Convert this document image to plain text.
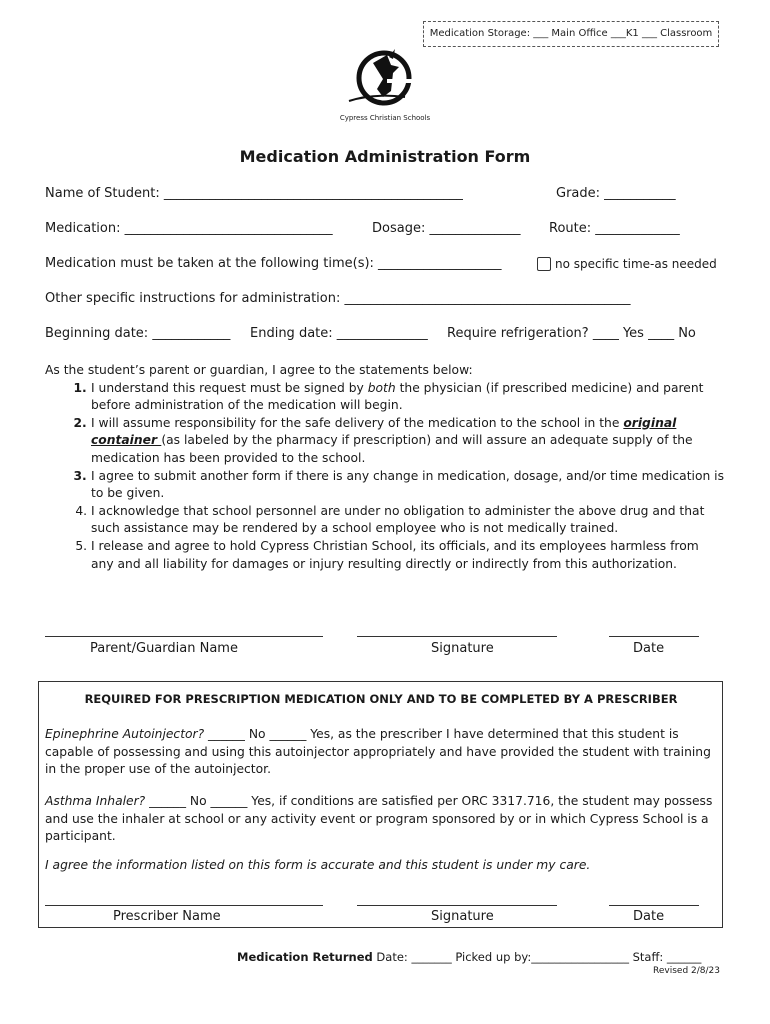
Medication Storage: ___ Main Office ___K1 ___ Classroom
Cypress Christian Schools
Medication Administration Form
Name of Student: ______________________________________________	Grade: ___________
Medication: ________________________________	Dosage: ______________ Route: _____________
Medication must be taken at the following time(s): ___________________	no specific time-as needed
Other specific instructions for administration: ____________________________________________
Beginning date: ____________ Ending date: ______________ Require refrigeration? ____ Yes ____ No
As the student’s parent or guardian, I agree to the statements below:
1. I understand this request must be signed by both the physician (if prescribed medicine) and parent before administration of the medication will begin.
2. I will assume responsibility for the safe delivery of the medication to the school in the original
container (as labeled by the pharmacy if prescription) and will assure an adequate supply of the medication has been provided to the school.
3. I agree to submit another form if there is any change in medication, dosage, and/or time medication is to be given.
4. I acknowledge that school personnel are under no obligation to administer the above drug and that such assistance may be rendered by a school employee who is not medically trained.
5. I release and agree to hold Cypress Christian School, its officials, and its employees harmless from any and all liability for damages or injury resulting directly or indirectly from this authorization.
Parent/Guardian Name	Signature	Date
REQUIRED FOR PRESCRIPTION MEDICATION ONLY AND TO BE COMPLETED BY A PRESCRIBER
Epinephrine Autoinjector? ______ No ______ Yes, as the prescriber I have determined that this student is capable of possessing and using this autoinjector appropriately and have provided the student with training in the proper use of the autoinjector.
Asthma Inhaler? ______ No ______ Yes, if conditions are satisfied per ORC 3317.716, the student may possess and use the inhaler at school or any activity event or program sponsored by or in which Cypress School is a participant.
I agree the information listed on this form is accurate and this student is under my care.
Prescriber Name	Signature	Date
Medication Returned Date: _______ Picked up by:_________________ Staff: ______
Revised 2/8/23
